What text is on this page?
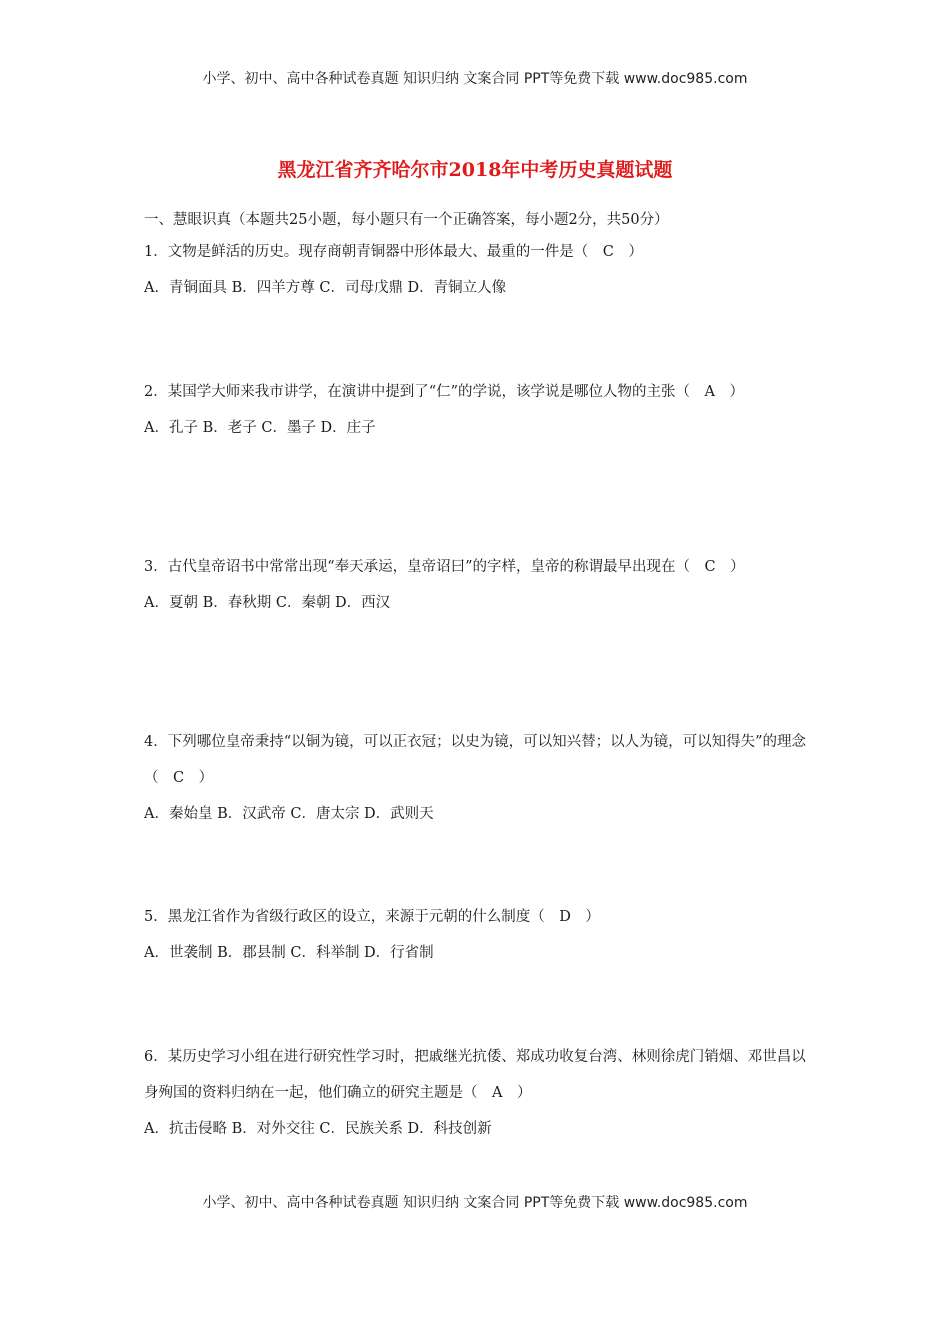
小学、初中、高中各种试卷真题 知识归纳 文案合同 PPT等免费下载 www.doc985.com
黑龙江省齐齐哈尔市2018年中考历史真题试题
一、慧眼识真（本题共25小题，每小题只有一个正确答案，每小题2分，共50分）

1．文物是鲜活的历史。现存商朝青铜器中形体最大、最重的一件是（　C　）

A．青铜面具 B．四羊方尊 C．司母戊鼎 D．青铜立人像

2．某国学大师来我市讲学，在演讲中提到了“仁”的学说，该学说是哪位人物的主张（　A　）

A．孔子 B．老子 C．墨子 D．庄子

3．古代皇帝诏书中常常出现“奉天承运，皇帝诏曰”的字样，皇帝的称谓最早出现在（　C　）

A．夏朝 B．春秋期 C．秦朝 D．西汉

4．下列哪位皇帝秉持“以铜为镜，可以正衣冠；以史为镜，可以知兴替；以人为镜，可以知得失”的理念（　C　）

A．秦始皇 B．汉武帝 C．唐太宗 D．武则天

5．黑龙江省作为省级行政区的设立，来源于元朝的什么制度（　D　）

A．世袭制 B．郡县制 C．科举制 D．行省制

6．某历史学习小组在进行研究性学习时，把戚继光抗倭、郑成功收复台湾、林则徐虎门销烟、邓世昌以身殉国的资料归纳在一起，他们确立的研究主题是（　A　）

A．抗击侵略 B．对外交往 C．民族关系 D．科技创新

小学、初中、高中各种试卷真题 知识归纳 文案合同 PPT等免费下载 www.doc985.com
